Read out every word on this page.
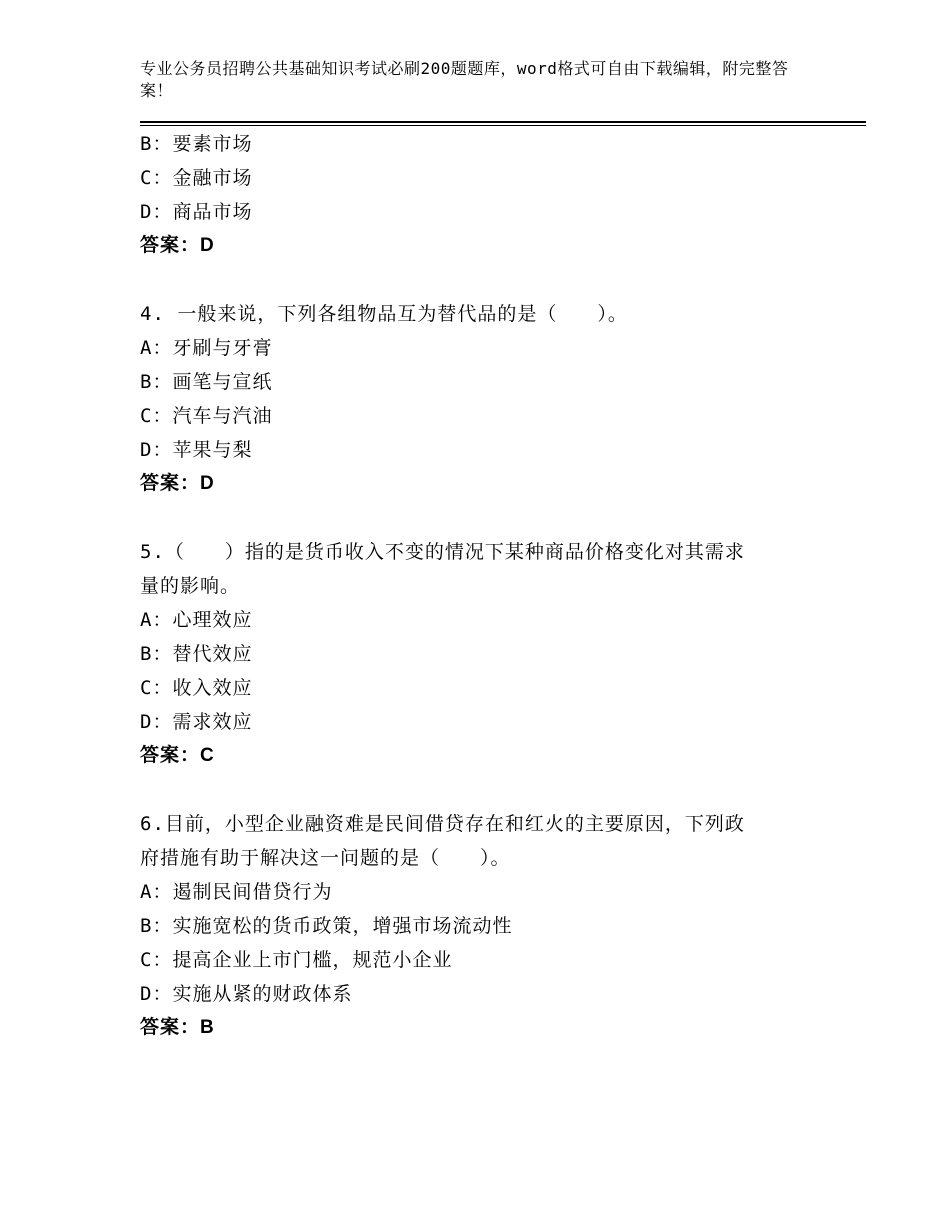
专业公务员招聘公共基础知识考试必刷200题题库，word格式可自由下载编辑，附完整答案！
B：要素市场
C：金融市场
D：商品市场
答案：D
4. 一般来说，下列各组物品互为替代品的是（　　）。
A：牙刷与牙膏
B：画笔与宣纸
C：汽车与汽油
D：苹果与梨
答案：D
5.（　　）指的是货币收入不变的情况下某种商品价格变化对其需求
量的影响。
A：心理效应
B：替代效应
C：收入效应
D：需求效应
答案：C
6.目前，小型企业融资难是民间借贷存在和红火的主要原因，下列政
府措施有助于解决这一问题的是（　　）。
A：遏制民间借贷行为
B：实施宽松的货币政策，增强市场流动性
C：提高企业上市门槛，规范小企业
D：实施从紧的财政体系
答案：B
